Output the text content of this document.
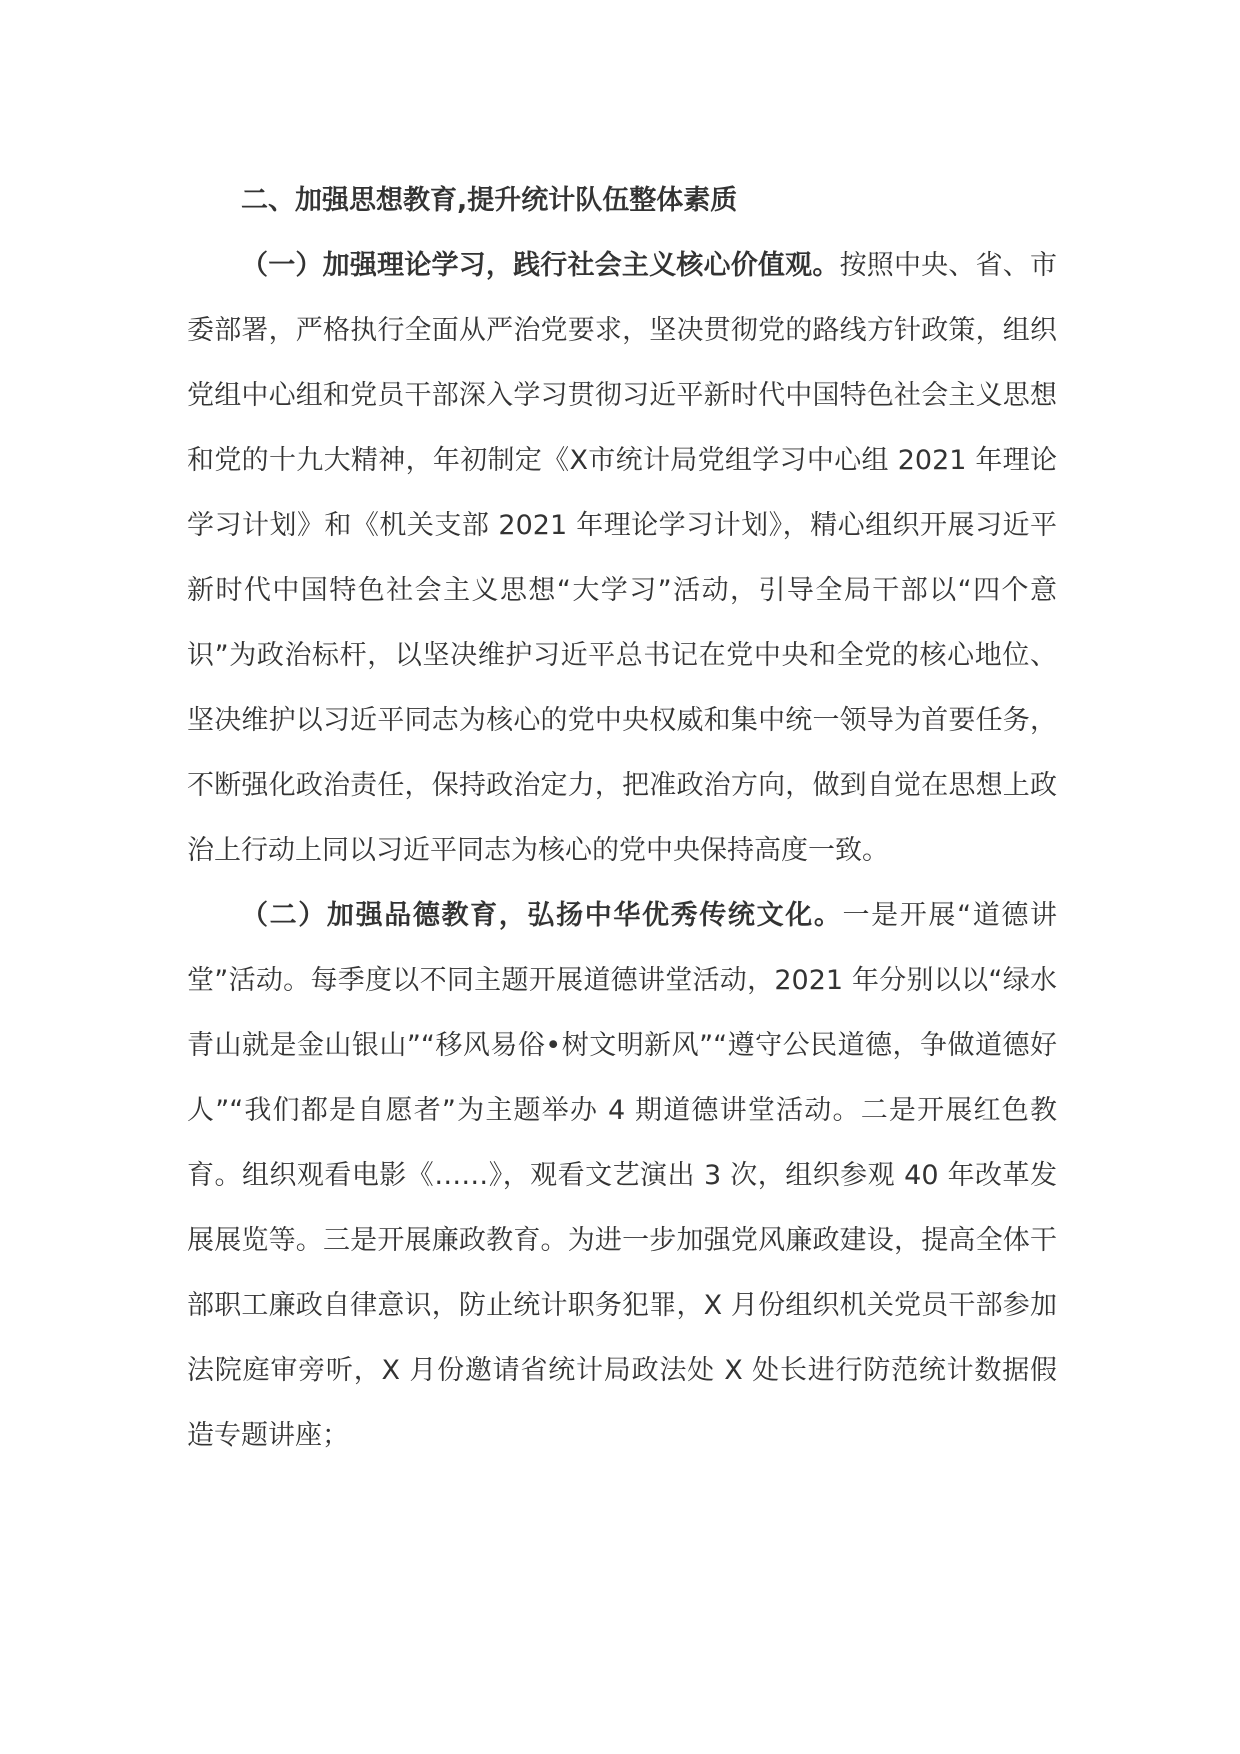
二、加强思想教育,提升统计队伍整体素质

（一）加强理论学习，践行社会主义核心价值观。按照中央、省、市委部署，严格执行全面从严治党要求，坚决贯彻党的路线方针政策，组织党组中心组和党员干部深入学习贯彻习近平新时代中国特色社会主义思想和党的十九大精神，年初制定《X市统计局党组学习中心组 2021 年理论学习计划》和《机关支部 2021 年理论学习计划》，精心组织开展习近平新时代中国特色社会主义思想“大学习”活动，引导全局干部以“四个意识”为政治标杆，以坚决维护习近平总书记在党中央和全党的核心地位、坚决维护以习近平同志为核心的党中央权威和集中统一领导为首要任务，不断强化政治责任，保持政治定力，把准政治方向，做到自觉在思想上政治上行动上同以习近平同志为核心的党中央保持高度一致。

（二）加强品德教育，弘扬中华优秀传统文化。一是开展“道德讲堂”活动。每季度以不同主题开展道德讲堂活动，2021 年分别以以“绿水青山就是金山银山”“移风易俗•树文明新风”“遵守公民道德，争做道德好人”“我们都是自愿者”为主题举办 4 期道德讲堂活动。二是开展红色教育。组织观看电影《……》，观看文艺演出 3 次，组织参观 40 年改革发展展览等。三是开展廉政教育。为进一步加强党风廉政建设，提高全体干部职工廉政自律意识，防止统计职务犯罪，X 月份组织机关党员干部参加法院庭审旁听，X 月份邀请省统计局政法处 X 处长进行防范统计数据假造专题讲座；
